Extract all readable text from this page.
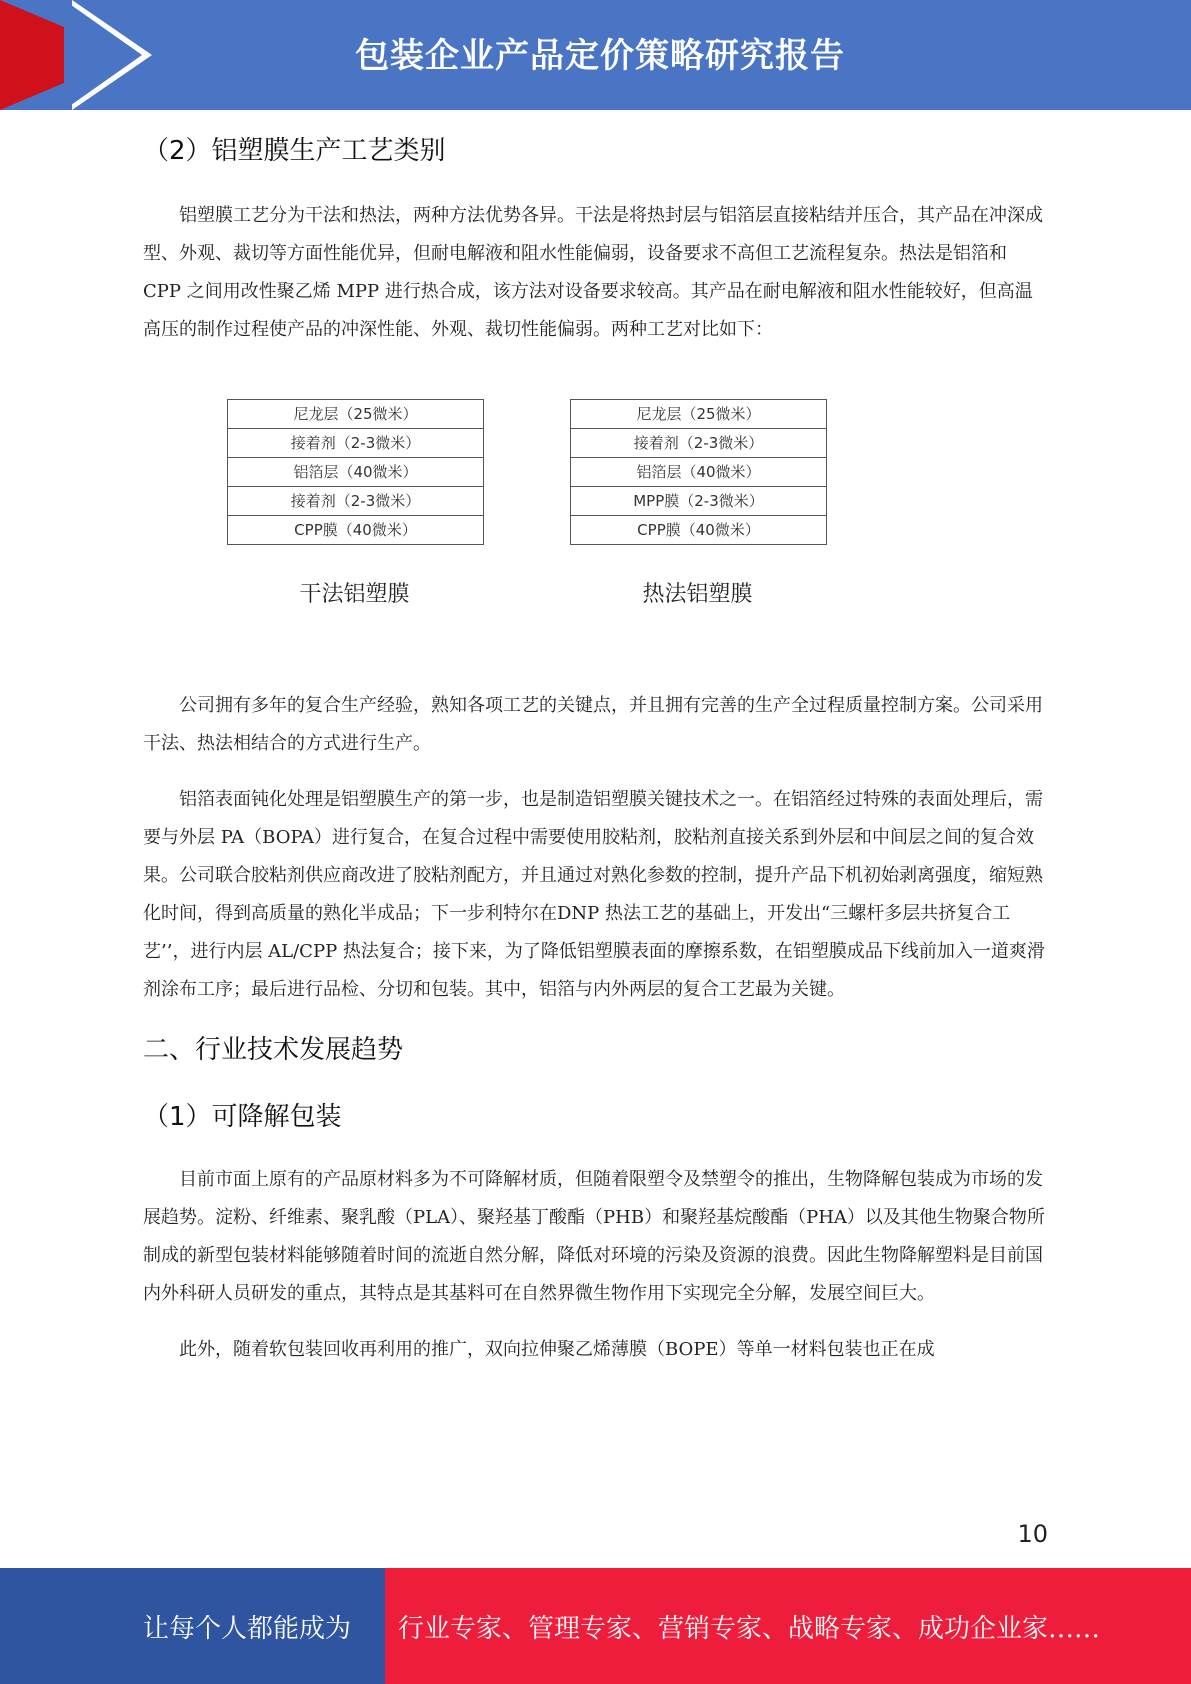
包装企业产品定价策略研究报告
（2）铝塑膜生产工艺类别

铝塑膜工艺分为干法和热法，两种方法优势各异。干法是将热封层与铝箔层直接粘结并压合，其产品在冲深成型、外观、裁切等方面性能优异，但耐电解液和阻水性能偏弱，设备要求不高但工艺流程复杂。热法是铝箔和 CPP 之间用改性聚乙烯 MPP 进行热合成，该方法对设备要求较高。其产品在耐电解液和阻水性能较好，但高温高压的制作过程使产品的冲深性能、外观、裁切性能偏弱。两种工艺对比如下：

尼龙层（25微米）
接着剂（2-3微米）
铝箔层（40微米）
接着剂（2-3微米）
CPP膜（40微米）
尼龙层（25微米）
接着剂（2-3微米）
铝箔层（40微米）
MPP膜（2-3微米）
CPP膜（40微米）
干法铝塑膜	热法铝塑膜

公司拥有多年的复合生产经验，熟知各项工艺的关键点，并且拥有完善的生产全过程质量控制方案。公司采用干法、热法相结合的方式进行生产。

铝箔表面钝化处理是铝塑膜生产的第一步，也是制造铝塑膜关键技术之一。在铝箔经过特殊的表面处理后，需要与外层 PA（BOPA）进行复合，在复合过程中需要使用胶粘剂，胶粘剂直接关系到外层和中间层之间的复合效果。公司联合胶粘剂供应商改进了胶粘剂配方，并且通过对熟化参数的控制，提升产品下机初始剥离强度，缩短熟化时间，得到高质量的熟化半成品；下一步利特尔在DNP 热法工艺的基础上，开发出“三螺杆多层共挤复合工艺’’，进行内层 AL/CPP 热法复合；接下来，为了降低铝塑膜表面的摩擦系数，在铝塑膜成品下线前加入一道爽滑剂涂布工序；最后进行品检、分切和包装。其中，铝箔与内外两层的复合工艺最为关键。

二、行业技术发展趋势
（1）可降解包装

目前市面上原有的产品原材料多为不可降解材质，但随着限塑令及禁塑令的推出，生物降解包装成为市场的发展趋势。淀粉、纤维素、聚乳酸（PLA）、聚羟基丁酸酯（PHB）和聚羟基烷酸酯（PHA）以及其他生物聚合物所制成的新型包装材料能够随着时间的流逝自然分解，降低对环境的污染及资源的浪费。因此生物降解塑料是目前国内外科研人员研发的重点，其特点是其基料可在自然界微生物作用下实现完全分解，发展空间巨大。

此外，随着软包装回收再利用的推广，双向拉伸聚乙烯薄膜（BOPE）等单一材料包装也正在成

10
让每个人都能成为 行业专家、管理专家、营销专家、战略专家、成功企业家……
